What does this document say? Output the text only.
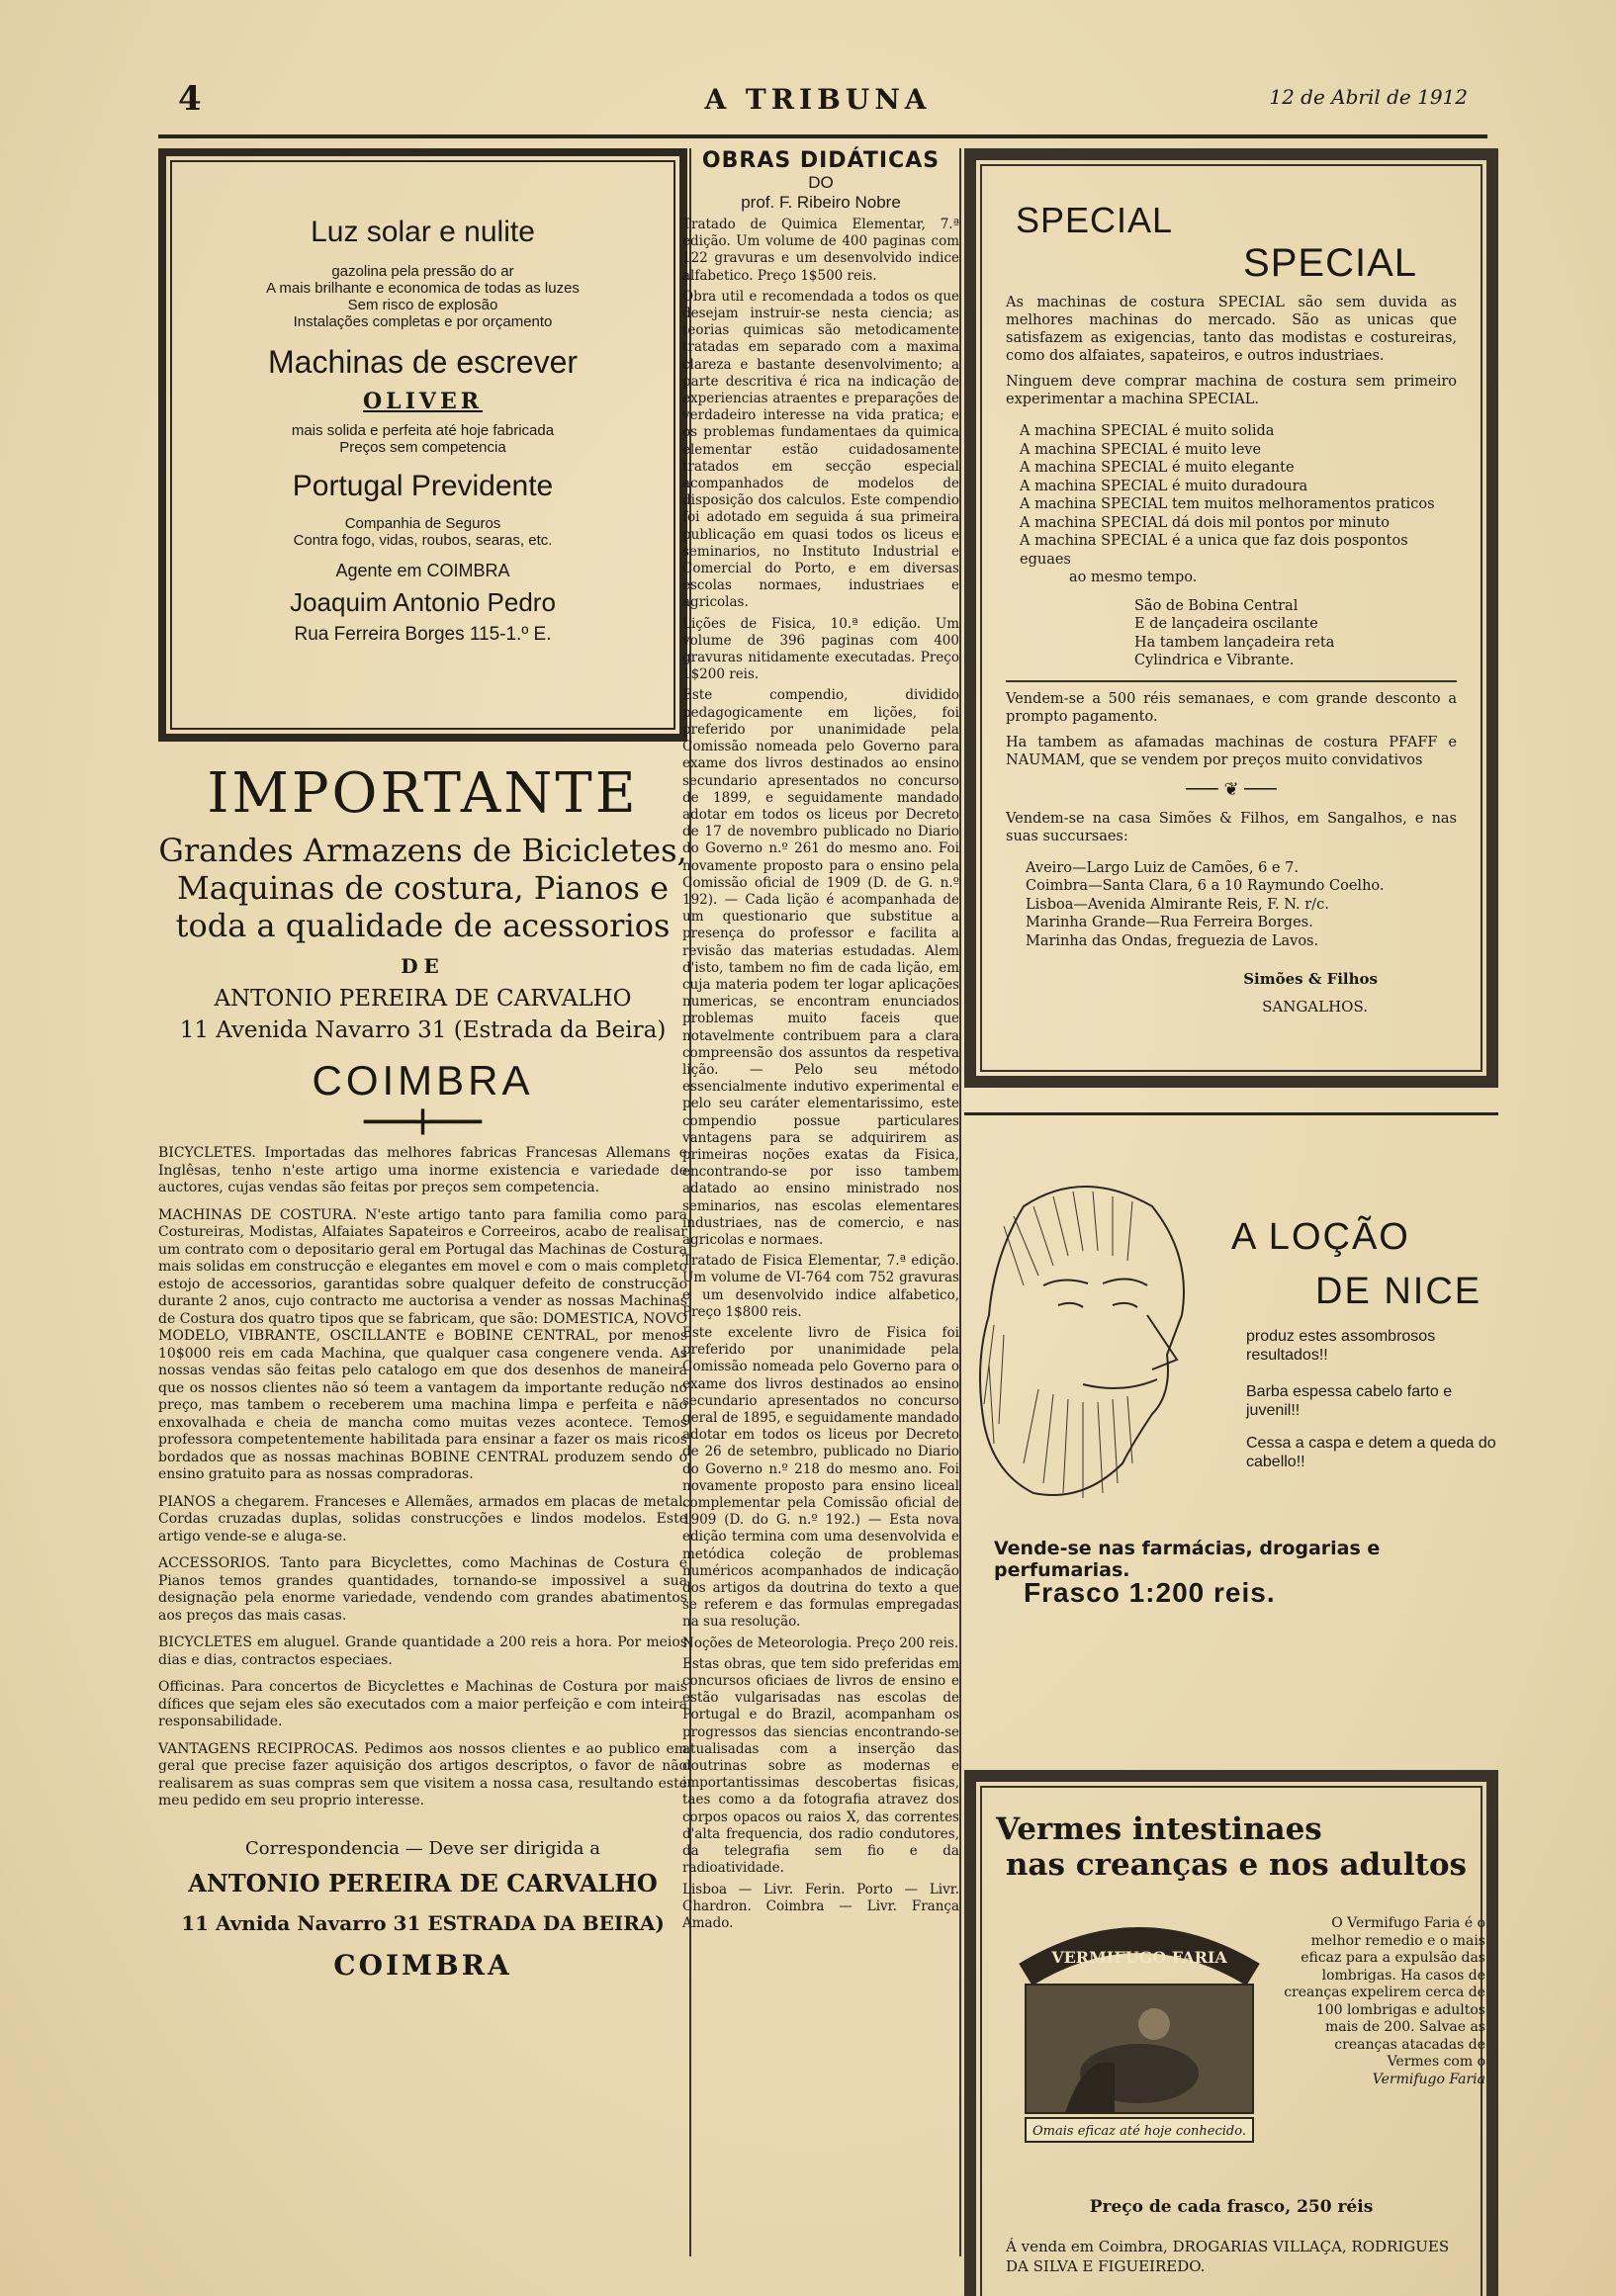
4	A TRIBUNA	12 de Abril de 1912
Luz solar e nulite
gazolina pela pressão do ar
A mais brilhante e economica de todas as luzes
Sem risco de explosão
Instalações completas e por orçamento
Machinas de escrever
OLIVER
mais solida e perfeita até hoje fabricada
Preços sem competencia
Portugal Previdente
Companhia de Seguros
Contra fogo, vidas, roubos, searas, etc.
Agente em COIMBRA
Joaquim Antonio Pedro
Rua Ferreira Borges 115-1.º E.
IMPORTANTE
Grandes Armazens de Bicicletes,
Maquinas de costura, Pianos e
toda a qualidade de acessorios
DE
ANTONIO PEREIRA DE CARVALHO
11 Avenida Navarro 31 (Estrada da Beira)
COIMBRA
━━━━╋━━━━

BICYCLETES. Importadas das melhores fabricas Francesas Allemans e Inglêsas, tenho n'este artigo uma inorme existencia e variedade de auctores, cujas vendas são feitas por preços sem competencia.

MACHINAS DE COSTURA. N'este artigo tanto para familia como para Costureiras, Modistas, Alfaiates Sapateiros e Correeiros, acabo de realisar um contrato com o depositario geral em Portugal das Machinas de Costura mais solidas em construcção e elegantes em movel e com o mais completo estojo de accessorios, garantidas sobre qualquer defeito de construcção durante 2 anos, cujo contracto me auctorisa a vender as nossas Machinas de Costura dos quatro tipos que se fabricam, que são: DOMESTICA, NOVO MODELO, VIBRANTE, OSCILLANTE e BOBINE CENTRAL, por menos 10$000 reis em cada Machina, que qualquer casa congenere venda. As nossas vendas são feitas pelo catalogo em que dos desenhos de maneira que os nossos clientes não só teem a vantagem da importante redução no preço, mas tambem o receberem uma machina limpa e perfeita e não enxovalhada e cheia de mancha como muitas vezes acontece. Temos professora competentemente habilitada para ensinar a fazer os mais ricos bordados que as nossas machinas BOBINE CENTRAL produzem sendo o ensino gratuito para as nossas compradoras.

PIANOS a chegarem. Franceses e Allemães, armados em placas de metal. Cordas cruzadas duplas, solidas construcções e lindos modelos. Este artigo vende-se e aluga-se.

ACCESSORIOS. Tanto para Bicyclettes, como Machinas de Costura e Pianos temos grandes quantidades, tornando-se impossivel a sua designação pela enorme variedade, vendendo com grandes abatimentos aos preços das mais casas.

BICYCLETES em aluguel. Grande quantidade a 200 reis a hora. Por meios dias e dias, contractos especiaes.

Officinas. Para concertos de Bicyclettes e Machinas de Costura por mais dífices que sejam eles são executados com a maior perfeição e com inteira responsabilidade.

VANTAGENS RECIPROCAS. Pedimos aos nossos clientes e ao publico em geral que precise fazer aquisição dos artigos descriptos, o favor de não realisarem as suas compras sem que visitem a nossa casa, resultando este meu pedido em seu proprio interesse.

Correspondencia — Deve ser dirigida a
ANTONIO PEREIRA DE CARVALHO
11 Avnida Navarro 31 ESTRADA DA BEIRA)
COIMBRA
OBRAS DIDÁTICAS
DO
prof. F. Ribeiro Nobre

Tratado de Quimica Elementar, 7.ª edição. Um volume de 400 paginas com 122 gravuras e um desenvolvido indice alfabetico. Preço 1$500 reis.

Obra util e recomendada a todos os que desejam instruir-se nesta ciencia; as teorias quimicas são metodicamente tratadas em separado com a maxima clareza e bastante desenvolvimento; a parte descritiva é rica na indicação de experiencias atraentes e preparações de verdadeiro interesse na vida pratica; e os problemas fundamentaes da quimica elementar estão cuidadosamente tratados em secção especial acompanhados de modelos de disposição dos calculos. Este compendio foi adotado em seguida á sua primeira publicação em quasi todos os liceus e seminarios, no Instituto Industrial e Comercial do Porto, e em diversas escolas normaes, industriaes e agricolas.

Lições de Fisica, 10.ª edição. Um volume de 396 paginas com 400 gravuras nitidamente executadas. Preço 1$200 reis.

Este compendio, dividido pedagogicamente em lições, foi preferido por unanimidade pela Comissão nomeada pelo Governo para exame dos livros destinados ao ensino secundario apresentados no concurso de 1899, e seguidamente mandado adotar em todos os liceus por Decreto de 17 de novembro publicado no Diario do Governo n.º 261 do mesmo ano. Foi novamente proposto para o ensino pela Comissão oficial de 1909 (D. de G. n.º 192). — Cada lição é acompanhada de um questionario que substitue a presença do professor e facilita a revisão das materias estudadas. Alem d'isto, tambem no fim de cada lição, em cuja materia podem ter logar aplicações numericas, se encontram enunciados problemas muito faceis que notavelmente contribuem para a clara compreensão dos assuntos da respetiva lição. — Pelo seu método essencialmente indutivo experimental e pelo seu caráter elementarissimo, este compendio possue particulares vantagens para se adquirirem as primeiras noções exatas da Fisica, encontrando-se por isso tambem adatado ao ensino ministrado nos seminarios, nas escolas elementares industriaes, nas de comercio, e nas agricolas e normaes.

Tratado de Fisica Elementar, 7.ª edição. Um volume de VI-764 com 752 gravuras e um desenvolvido indice alfabetico, Preço 1$800 reis.

Este excelente livro de Fisica foi preferido por unanimidade pela Comissão nomeada pelo Governo para o exame dos livros destinados ao ensino secundario apresentados no concurso geral de 1895, e seguidamente mandado adotar em todos os liceus por Decreto de 26 de setembro, publicado no Diario do Governo n.º 218 do mesmo ano. Foi novamente proposto para ensino liceal complementar pela Comissão oficial de 1909 (D. do G. n.º 192.) — Esta nova edição termina com uma desenvolvida e metódica coleção de problemas numéricos acompanhados de indicação dos artigos da doutrina do texto a que se referem e das formulas empregadas na sua resolução.

Noções de Meteorologia. Preço 200 reis.

Estas obras, que tem sido preferidas em concursos oficiaes de livros de ensino e estão vulgarisadas nas escolas de Portugal e do Brazil, acompanham os progressos das siencias encontrando-se atualisadas com a inserção das doutrinas sobre as modernas e importantissimas descobertas fisicas, taes como a da fotografia atravez dos corpos opacos ou raios X, das correntes d'alta frequencia, dos radio condutores, da telegrafia sem fio e da radioatividade.

Lisboa — Livr. Ferin. Porto — Livr. Chardron. Coimbra — Livr. França Amado.

SPECIAL
SPECIAL

As machinas de costura SPECIAL são sem duvida as melhores machinas do mercado. São as unicas que satisfazem as exigencias, tanto das modistas e costureiras, como dos alfaiates, sapateiros, e outros industriaes.

Ninguem deve comprar machina de costura sem primeiro experimentar a machina SPECIAL.

A machina SPECIAL é muito solida
A machina SPECIAL é muito leve
A machina SPECIAL é muito elegante
A machina SPECIAL é muito duradoura
A machina SPECIAL tem muitos melhoramentos praticos
A machina SPECIAL dá dois mil pontos por minuto
A machina SPECIAL é a unica que faz dois pospontos eguaes
ao mesmo tempo.
São de Bobina Central
E de lançadeira oscilante
Ha tambem lançadeira reta
Cylindrica e Vibrante.

Vendem-se a 500 réis semanaes, e com grande desconto a prompto pagamento.

Ha tambem as afamadas machinas de costura PFAFF e NAUMAM, que se vendem por preços muito convidativos

─── ❦ ───

Vendem-se na casa Simões & Filhos, em Sangalhos, e nas suas succursaes:

Aveiro—Largo Luiz de Camões, 6 e 7.
Coimbra—Santa Clara, 6 a 10 Raymundo Coelho.
Lisboa—Avenida Almirante Reis, F. N. r/c.
Marinha Grande—Rua Ferreira Borges.
Marinha das Ondas, freguezia de Lavos.
Simões & Filhos
SANGALHOS.
A LOÇÃO
DE NICE
produz estes assombrosos resultados!!
Barba espessa cabelo farto e juvenil!!
Cessa a caspa e detem a queda do cabello!!
Vende-se nas farmácias, drogarias e perfumarias.
Frasco 1:200 reis.
Vermes intestinaes
nas creanças e nos adultos
VERMIFUGO FARIA
Omais eficaz até hoje conhecido.
O Vermifugo Faria é o melhor remedio e o mais eficaz para a expulsão das lombrigas. Ha casos de creanças expelirem cerca de 100 lombrigas e adultos mais de 200. Salvae as creanças atacadas de Vermes com o
Vermifugo Faria
Preço de cada frasco, 250 réis
Á venda em Coimbra, DROGARIAS VILLAÇA, RODRIGUES DA SILVA E FIGUEIREDO.
